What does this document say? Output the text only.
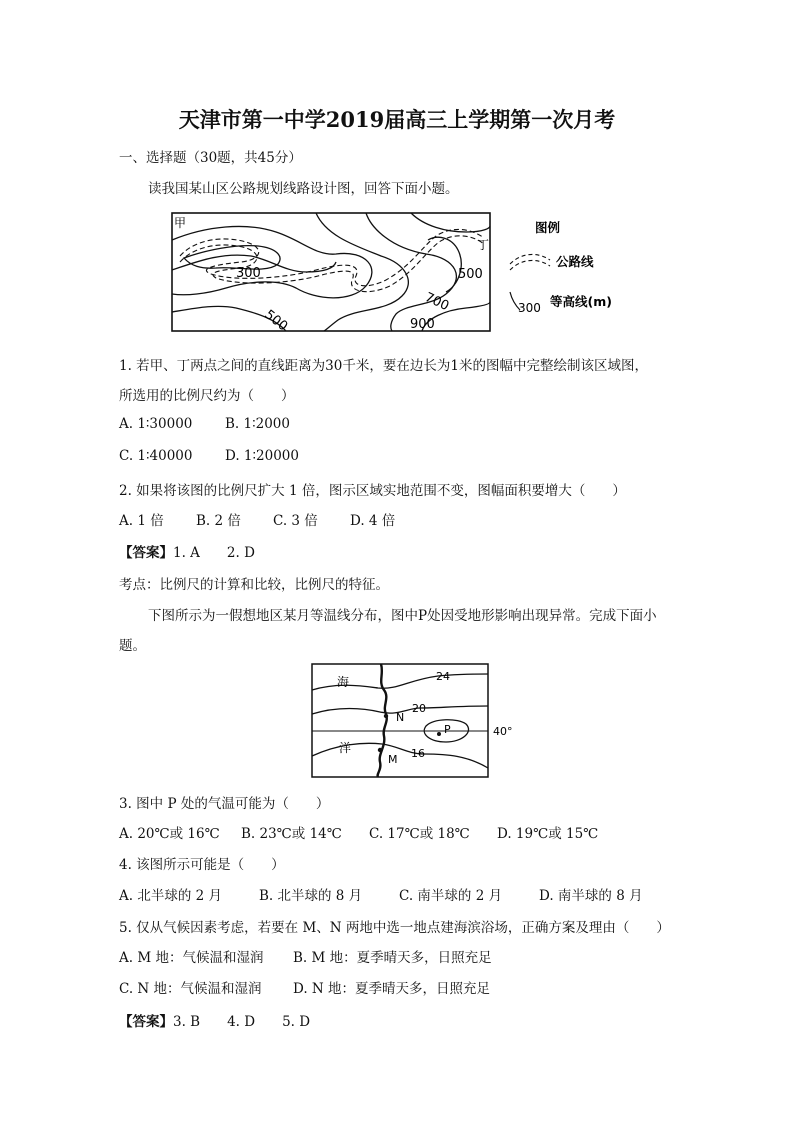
天津市第一中学2019届高三上学期第一次月考
一、选择题（30题，共45分）
读我国某山区公路规划线路设计图，回答下面小题。
甲
丁
300
500
500
700
900
图例
公路线
300 等高线(m)
1. 若甲、丁两点之间的直线距离为30千米，要在边长为1米的图幅中完整绘制该区域图，
所选用的比例尺约为（　　）
A. 1∶30000 B. 1∶2000
C. 1∶40000 D. 1∶20000
2. 如果将该图的比例尺扩大 1 倍，图示区域实地范围不变，图幅面积要增大（　　）
A. 1 倍 B. 2 倍 C. 3 倍 D. 4 倍
【答案】1. A　　2. D
考点：比例尺的计算和比较，比例尺的特征。
下图所示为一假想地区某月等温线分布，图中P处因受地形影响出现异常。完成下面小
题。
海
洋
N
M
P
24
20
16
40°
3. 图中 P 处的气温可能为（　　）
A. 20℃或 16℃ B. 23℃或 14℃ C. 17℃或 18℃ D. 19℃或 15℃
4. 该图所示可能是（　　）
A. 北半球的 2 月	B. 北半球的 8 月	C. 南半球的 2 月	D. 南半球的 8 月
5. 仅从气候因素考虑，若要在 M、N 两地中选一地点建海滨浴场，正确方案及理由（　　）
A. M 地：气候温和湿润 B. M 地：夏季晴天多，日照充足
C. N 地：气候温和湿润 D. N 地：夏季晴天多，日照充足
【答案】3. B　　4. D　　5. D
